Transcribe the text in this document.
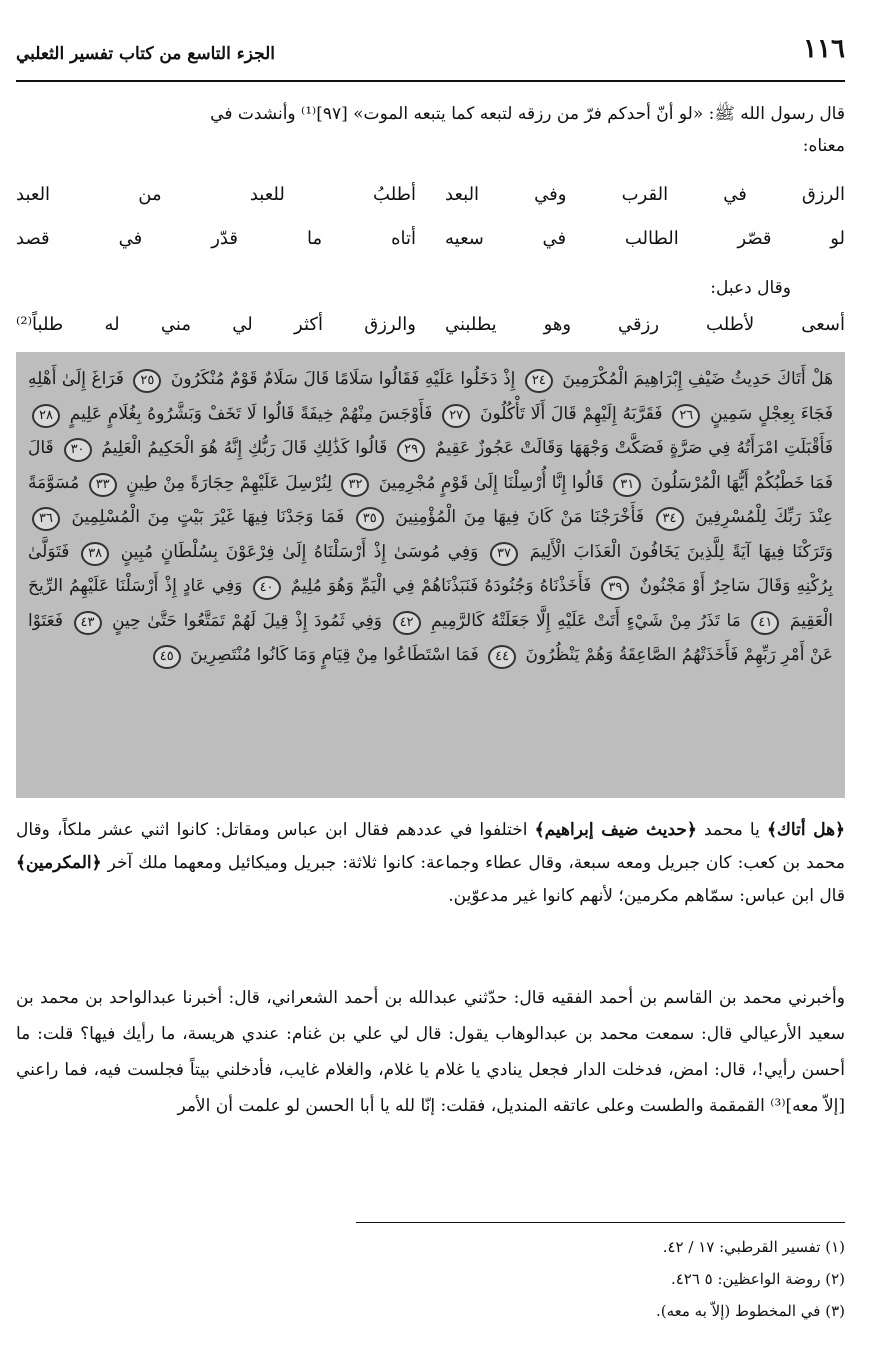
١١٦
الجزء التاسع من كتاب تفسير الثعلبي
قال رسول الله ﷺ: «لو أنّ أحدكم فرّ من رزقه لتبعه كما يتبعه الموت» [٩٧]⁽¹⁾ وأنشدت في
معناه:
الرزق في القرب وفي البعد
أطلبُ للعبد من العبد
لو قصّر الطالب في سعيه
أتاه ما قدّر في قصد
وقال دعبل:
أسعى لأطلب رزقي وهو يطلبني
والرزق أكثر لي مني له طلباً⁽²⁾
هَلْ أَتَاكَ حَدِيثُ ضَيْفِ إِبْرَاهِيمَ الْمُكْرَمِينَ ٢٤ إِذْ دَخَلُوا عَلَيْهِ فَقَالُوا سَلَامًا قَالَ سَلَامٌ قَوْمٌ مُنْكَرُونَ ٢٥ فَرَاغَ إِلَىٰ أَهْلِهِ فَجَاءَ بِعِجْلٍ سَمِينٍ ٢٦ فَقَرَّبَهُ إِلَيْهِمْ قَالَ أَلَا تَأْكُلُونَ ٢٧ فَأَوْجَسَ مِنْهُمْ خِيفَةً قَالُوا لَا تَخَفْ وَبَشَّرُوهُ بِغُلَامٍ عَلِيمٍ ٢٨ فَأَقْبَلَتِ امْرَأَتُهُ فِي صَرَّةٍ فَصَكَّتْ وَجْهَهَا وَقَالَتْ عَجُوزٌ عَقِيمٌ ٢٩ قَالُوا كَذَٰلِكِ قَالَ رَبُّكِ إِنَّهُ هُوَ الْحَكِيمُ الْعَلِيمُ ٣٠ قَالَ فَمَا خَطْبُكُمْ أَيُّهَا الْمُرْسَلُونَ ٣١ قَالُوا إِنَّا أُرْسِلْنَا إِلَىٰ قَوْمٍ مُجْرِمِينَ ٣٢ لِنُرْسِلَ عَلَيْهِمْ حِجَارَةً مِنْ طِينٍ ٣٣ مُسَوَّمَةً عِنْدَ رَبِّكَ لِلْمُسْرِفِينَ ٣٤ فَأَخْرَجْنَا مَنْ كَانَ فِيهَا مِنَ الْمُؤْمِنِينَ ٣٥ فَمَا وَجَدْنَا فِيهَا غَيْرَ بَيْتٍ مِنَ الْمُسْلِمِينَ ٣٦ وَتَرَكْنَا فِيهَا آيَةً لِلَّذِينَ يَخَافُونَ الْعَذَابَ الْأَلِيمَ ٣٧ وَفِي مُوسَىٰ إِذْ أَرْسَلْنَاهُ إِلَىٰ فِرْعَوْنَ بِسُلْطَانٍ مُبِينٍ ٣٨ فَتَوَلَّىٰ بِرُكْنِهِ وَقَالَ سَاحِرٌ أَوْ مَجْنُونٌ ٣٩ فَأَخَذْنَاهُ وَجُنُودَهُ فَنَبَذْنَاهُمْ فِي الْيَمِّ وَهُوَ مُلِيمٌ ٤٠ وَفِي عَادٍ إِذْ أَرْسَلْنَا عَلَيْهِمُ الرِّيحَ الْعَقِيمَ ٤١ مَا تَذَرُ مِنْ شَيْءٍ أَتَتْ عَلَيْهِ إِلَّا جَعَلَتْهُ كَالرَّمِيمِ ٤٢ وَفِي ثَمُودَ إِذْ قِيلَ لَهُمْ تَمَتَّعُوا حَتَّىٰ حِينٍ ٤٣ فَعَتَوْا عَنْ أَمْرِ رَبِّهِمْ فَأَخَذَتْهُمُ الصَّاعِقَةُ وَهُمْ يَنْظُرُونَ ٤٤ فَمَا اسْتَطَاعُوا مِنْ قِيَامٍ وَمَا كَانُوا مُنْتَصِرِينَ ٤٥
﴿هل أتاك﴾ يا محمد ﴿حديث ضيف إبراهيم﴾ اختلفوا في عددهم فقال ابن عباس ومقاتل: كانوا اثني عشر ملكاً، وقال محمد بن كعب: كان جبريل ومعه سبعة، وقال عطاء وجماعة: كانوا ثلاثة: جبريل وميكائيل ومعهما ملك آخر ﴿المكرمين﴾ قال ابن عباس: سمّاهم مكرمين؛ لأنهم كانوا غير مدعوّين.
وأخبرني محمد بن القاسم بن أحمد الفقيه قال: حدّثني عبدالله بن أحمد الشعراني، قال: أخبرنا عبدالواحد بن محمد بن سعيد الأرعيالي قال: سمعت محمد بن عبدالوهاب يقول: قال لي علي بن غنام: عندي هريسة، ما رأيك فيها؟ قلت: ما أحسن رأيي!، قال: امض، فدخلت الدار فجعل ينادي يا غلام يا غلام، والغلام غايب، فأدخلني بيتاً فجلست فيه، فما راعني [إلاّ معه]⁽³⁾ القمقمة والطست وعلى عاتقه المنديل، فقلت: إنّا لله يا أبا الحسن لو علمت أن الأمر
(١) تفسير القرطبي: ١٧ / ٤٢.
(٢) روضة الواعظين: ٥ ٤٢٦.
(٣) في المخطوط (إلاّ به معه).
